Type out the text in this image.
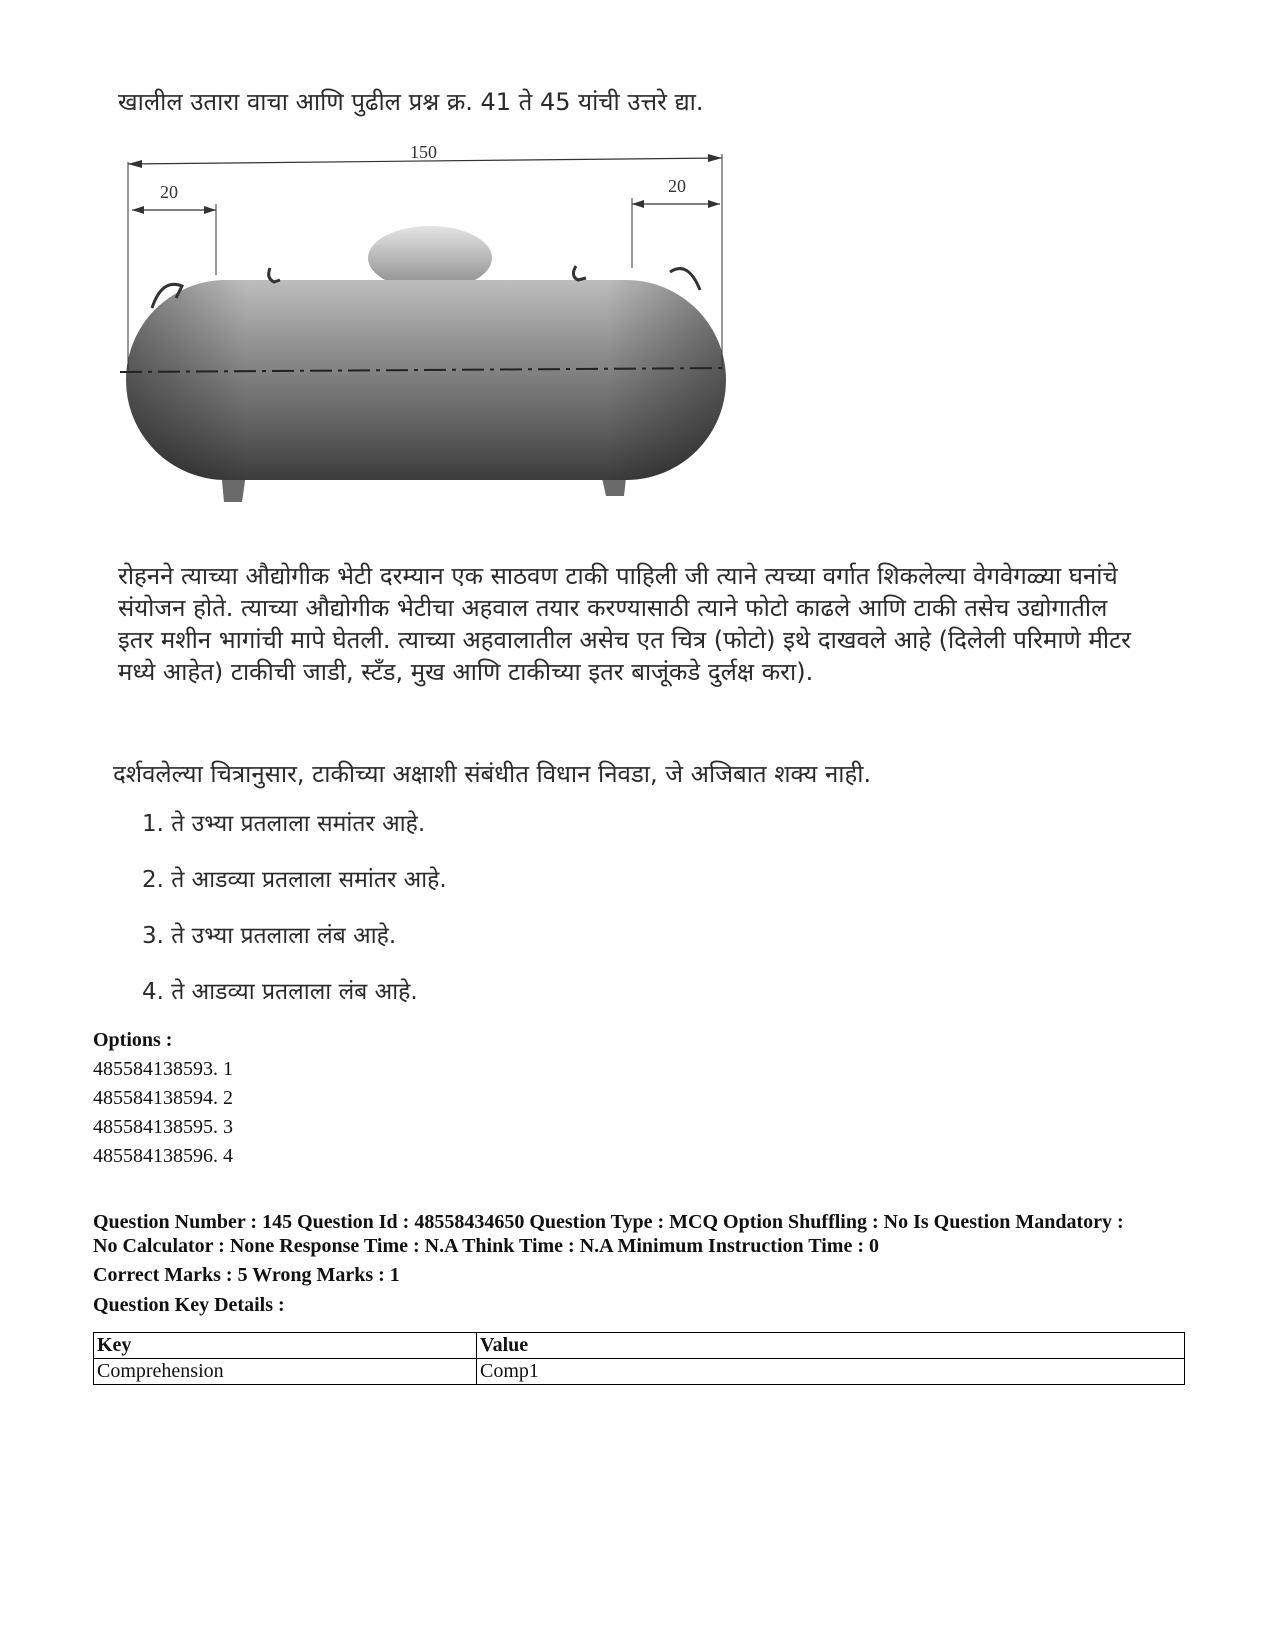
खालील उतारा वाचा आणि पुढील प्रश्न क्र. 41 ते 45 यांची उत्तरे द्या.
150
20	20
रोहनने त्याच्या औद्योगीक भेटी दरम्यान एक साठवण टाकी पाहिली जी त्याने त्यच्या वर्गात शिकलेल्या वेगवेगळ्या घनांचे
संयोजन होते. त्याच्या औद्योगीक भेटीचा अहवाल तयार करण्यासाठी त्याने फोटो काढले आणि टाकी तसेच उद्योगातील
इतर मशीन भागांची मापे घेतली. त्याच्या अहवालातील असेच एत चित्र (फोटो) इथे दाखवले आहे (दिलेली परिमाणे मीटर
मध्ये आहेत) टाकीची जाडी, स्टँड, मुख आणि टाकीच्या इतर बाजूंकडे दुर्लक्ष करा).
दर्शवलेल्या चित्रानुसार, टाकीच्या अक्षाशी संबंधीत विधान निवडा, जे अजिबात शक्य नाही.
1. ते उभ्या प्रतलाला समांतर आहे.
2. ते आडव्या प्रतलाला समांतर आहे.
3. ते उभ्या प्रतलाला लंब आहे.
4. ते आडव्या प्रतलाला लंब आहे.
Options :
485584138593. 1
485584138594. 2
485584138595. 3
485584138596. 4
Question Number : 145 Question Id : 48558434650 Question Type : MCQ Option Shuffling : No Is Question Mandatory :
No Calculator : None Response Time : N.A Think Time : N.A Minimum Instruction Time : 0
Correct Marks : 5 Wrong Marks : 1
Question Key Details :
Key	Value
Comprehension	Comp1
